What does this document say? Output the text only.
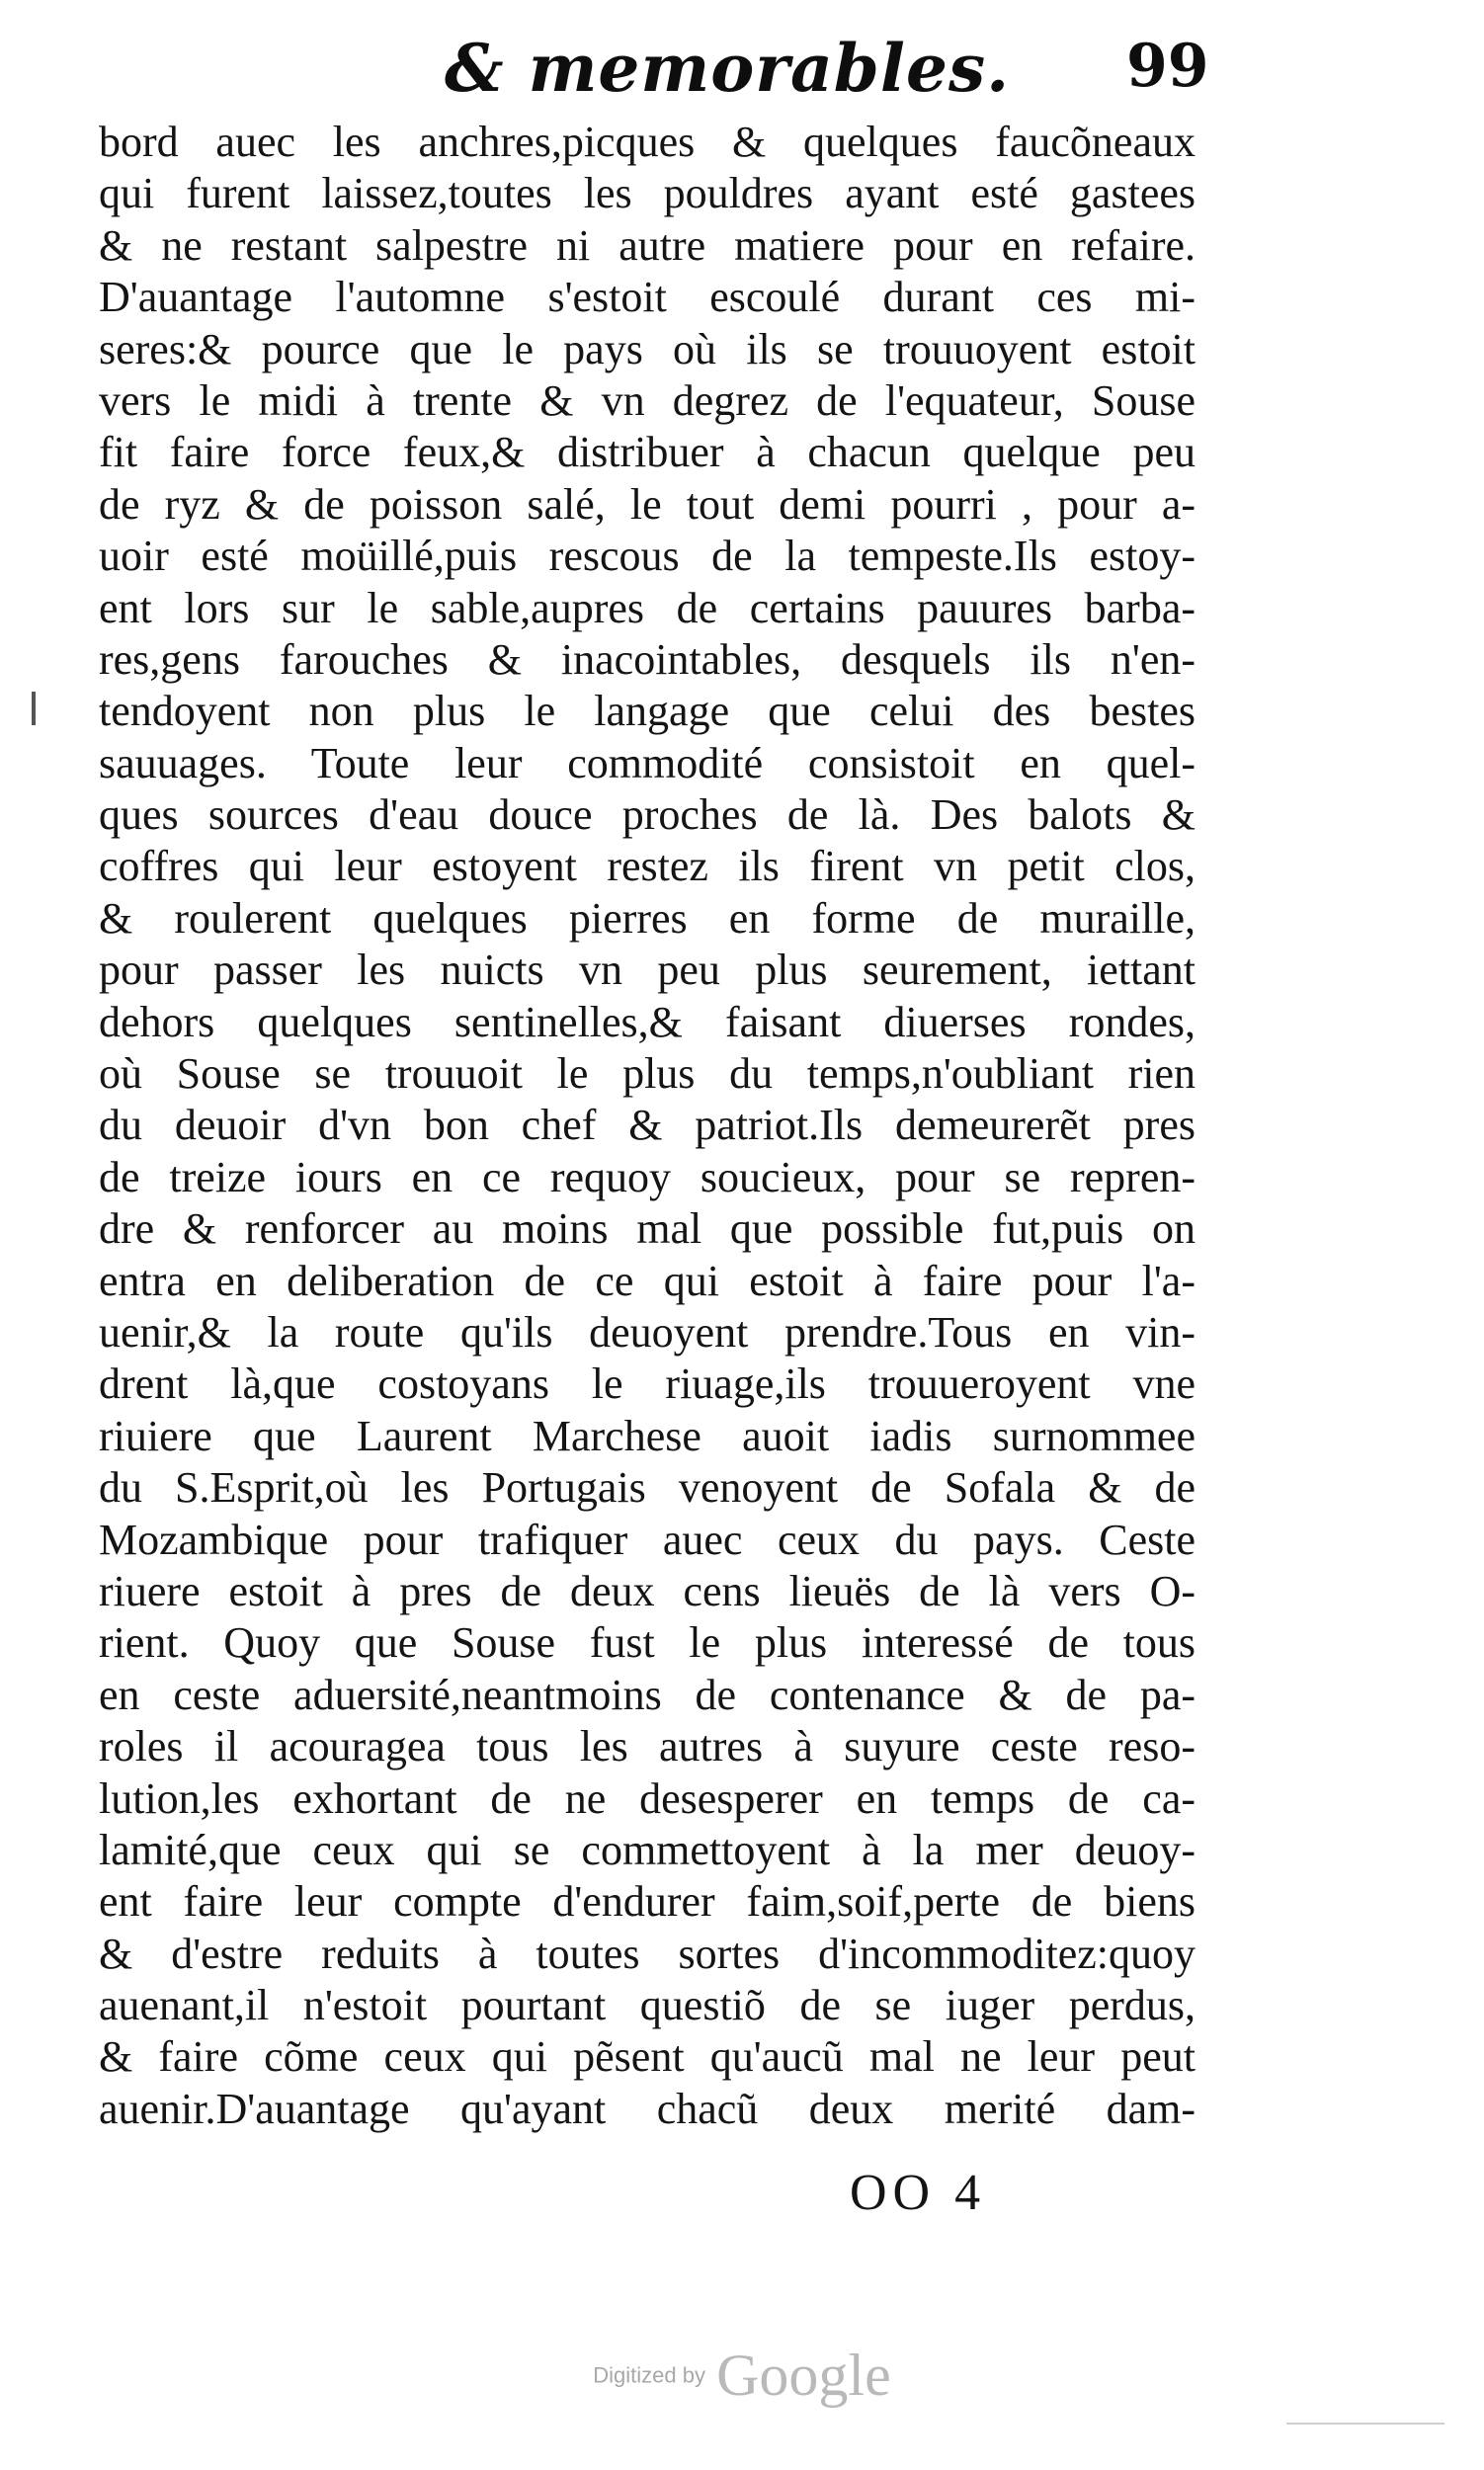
& memorables. 99
bord auec les anchres,picques & quelques faucõneaux
qui furent laissez,toutes les pouldres ayant esté gastees
& ne restant salpestre ni autre matiere pour en refaire.
D'auantage l'automne s'estoit escoulé durant ces mi-
seres:& pource que le pays où ils se trouuoyent estoit
vers le midi à trente & vn degrez de l'equateur, Souse
fit faire force feux,& distribuer à chacun quelque peu
de ryz & de poisson salé, le tout demi pourri , pour a-
uoir esté moüillé,puis rescous de la tempeste.Ils estoy-
ent lors sur le sable,aupres de certains pauures barba-
res,gens farouches & inacointables, desquels ils n'en-
tendoyent non plus le langage que celui des bestes
sauuages. Toute leur commodité consistoit en quel-
ques sources d'eau douce proches de là. Des balots &
coffres qui leur estoyent restez ils firent vn petit clos,
& roulerent quelques pierres en forme de muraille,
pour passer les nuicts vn peu plus seurement, iettant
dehors quelques sentinelles,& faisant diuerses rondes,
où Souse se trouuoit le plus du temps,n'oubliant rien
du deuoir d'vn bon chef & patriot.Ils demeurerẽt pres
de treize iours en ce requoy soucieux, pour se repren-
dre & renforcer au moins mal que possible fut,puis on
entra en deliberation de ce qui estoit à faire pour l'a-
uenir,& la route qu'ils deuoyent prendre.Tous en vin-
drent là,que costoyans le riuage,ils trouueroyent vne
riuiere que Laurent Marchese auoit iadis surnommee
du S.Esprit,où les Portugais venoyent de Sofala & de
Mozambique pour trafiquer auec ceux du pays. Ceste
riuere estoit à pres de deux cens lieuës de là vers O-
rient. Quoy que Souse fust le plus interessé de tous
en ceste aduersité,neantmoins de contenance & de pa-
roles il acouragea tous les autres à suyure ceste reso-
lution,les exhortant de ne desesperer en temps de ca-
lamité,que ceux qui se commettoyent à la mer deuoy-
ent faire leur compte d'endurer faim,soif,perte de biens
& d'estre reduits à toutes sortes d'incommoditez:quoy
auenant,il n'estoit pourtant questiõ de se iuger perdus,
& faire cõme ceux qui pẽsent qu'aucũ mal ne leur peut
auenir.D'auantage qu'ayant chacũ deux merité dam-
OO 4
Digitized by Google
